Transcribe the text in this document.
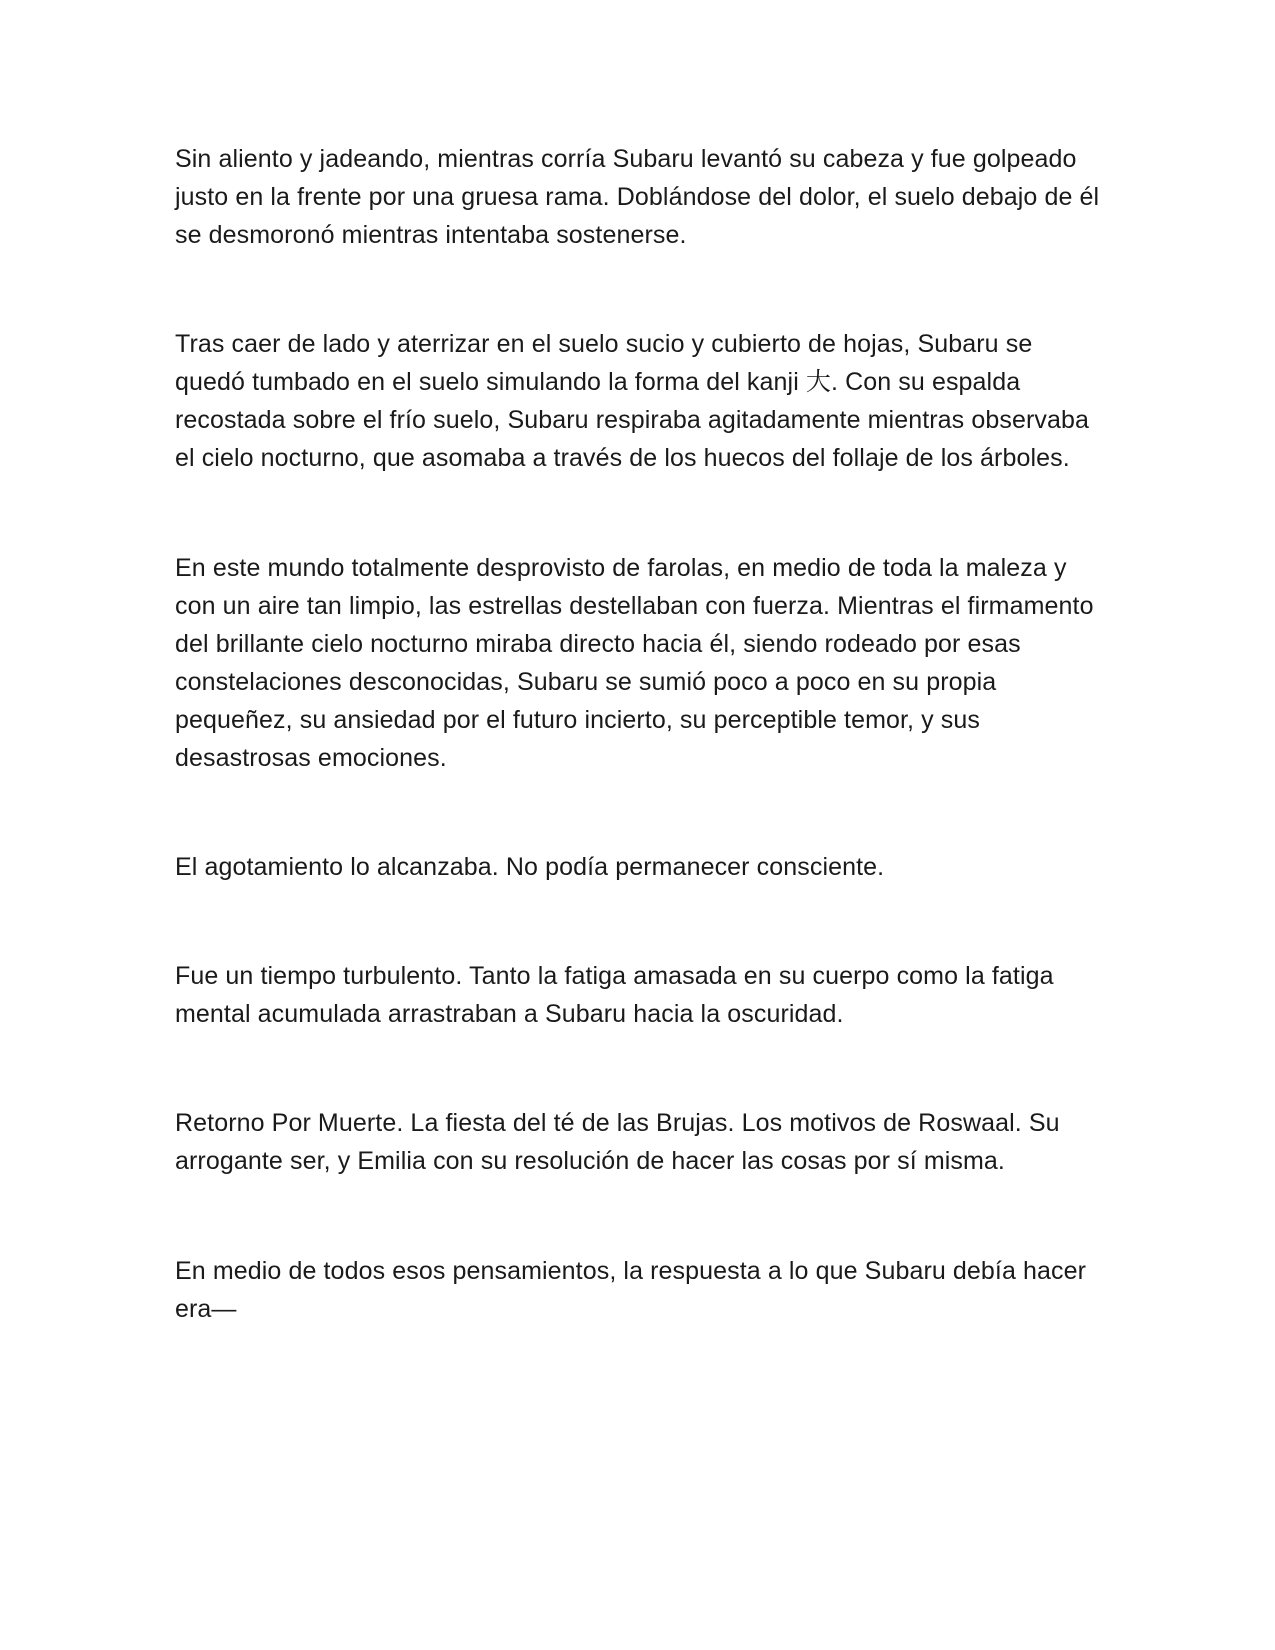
Sin aliento y jadeando, mientras corría Subaru levantó su cabeza y fue golpeado justo en la frente por una gruesa rama. Doblándose del dolor, el suelo debajo de él se desmoronó mientras intentaba sostenerse.

Tras caer de lado y aterrizar en el suelo sucio y cubierto de hojas, Subaru se quedó tumbado en el suelo simulando la forma del kanji 大. Con su espalda recostada sobre el frío suelo, Subaru respiraba agitadamente mientras observaba el cielo nocturno, que asomaba a través de los huecos del follaje de los árboles.

En este mundo totalmente desprovisto de farolas, en medio de toda la maleza y con un aire tan limpio, las estrellas destellaban con fuerza. Mientras el firmamento del brillante cielo nocturno miraba directo hacia él, siendo rodeado por esas constelaciones desconocidas, Subaru se sumió poco a poco en su propia pequeñez, su ansiedad por el futuro incierto, su perceptible temor, y sus desastrosas emociones.

El agotamiento lo alcanzaba. No podía permanecer consciente.

Fue un tiempo turbulento. Tanto la fatiga amasada en su cuerpo como la fatiga mental acumulada arrastraban a Subaru hacia la oscuridad.

Retorno Por Muerte. La fiesta del té de las Brujas. Los motivos de Roswaal. Su arrogante ser, y Emilia con su resolución de hacer las cosas por sí misma.

En medio de todos esos pensamientos, la respuesta a lo que Subaru debía hacer era—
